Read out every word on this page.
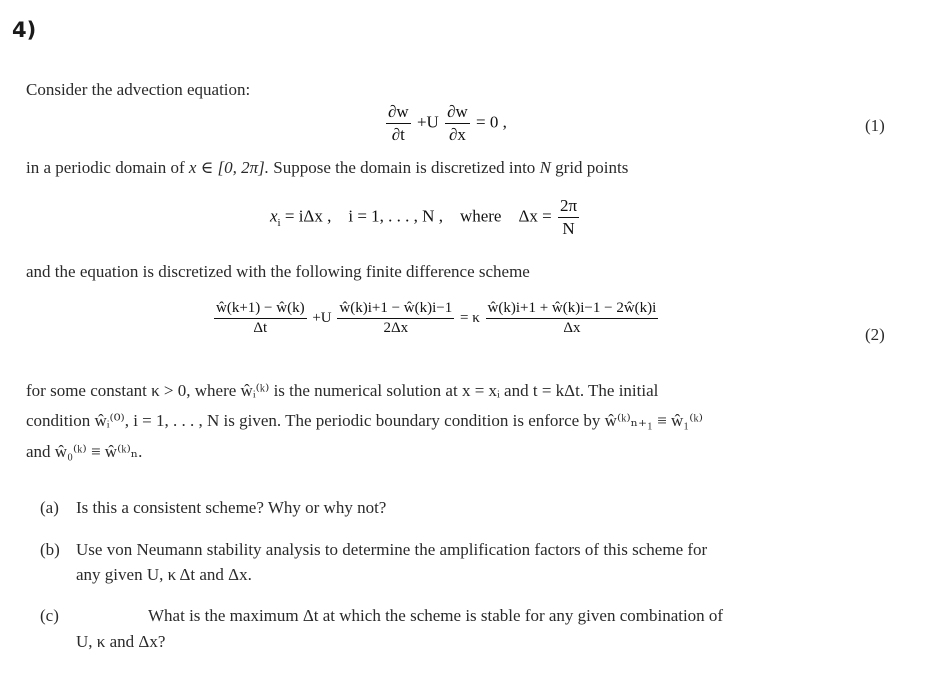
4)
Consider the advection equation:
$\frac{\partial w}{\partial t} +U \frac{\partial w}{\partial x} = 0$ ,	(1)
in a periodic domain of x ∈ [0, 2π]. Suppose the domain is discretized into N grid points
$x_i = i\Delta x$ , i = 1, . . . , N , where $\Delta x = \frac{2\pi}{N}$
and the equation is discretized with the following finite difference scheme
$\frac{ŵ(k+1) - ŵ(k)}{\Delta t} +U \frac{ŵ(k)i+1 - ŵ(k)i-1}{2\Delta x} = \kappa \frac{ŵ(k)i+1 + ŵ(k)i-1 - 2ŵ(k)i}{\Delta x}$	(2)
for some constant κ > 0, where ŵᵢ⁽ᵏ⁾ is the numerical solution at x = xᵢ and t = kΔt. The initial
condition ŵᵢ⁽⁰⁾, i = 1, . . . , N is given. The periodic boundary condition is enforce by ŵ⁽ᵏ⁾ₙ₊₁ ≡ ŵ₁⁽ᵏ⁾
and ŵ₀⁽ᵏ⁾ ≡ ŵ⁽ᵏ⁾ₙ.
(a) Is this a consistent scheme? Why or why not?
(b) Use von Neumann stability analysis to determine the amplification factors of this scheme for
any given U, κ Δt and Δx.
(c)	What is the maximum Δt at which the scheme is stable for any given combination of
U, κ and Δx?
